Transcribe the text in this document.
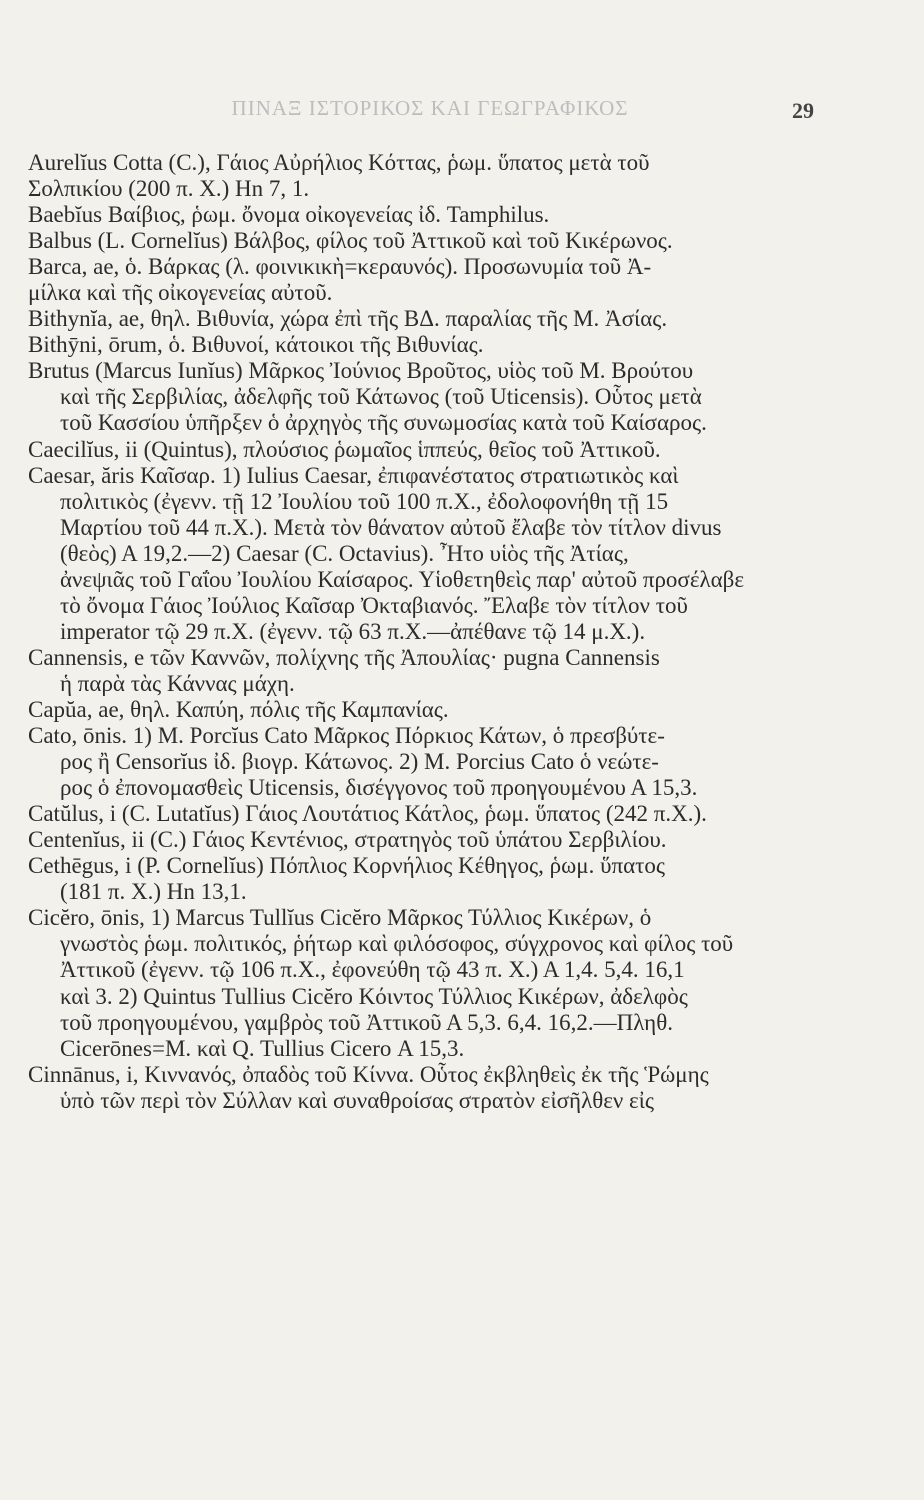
ΠΙΝΑΞ ΙΣΤΟΡΙΚΟΣ ΚΑΙ ΓΕΩΓΡΑΦΙΚΟΣ	29
Aurelĭus Cotta (C.), Γάιος Αὐρήλιος Κόττας, ῥωμ. ὕπατος μετὰ τοῦ
Σολπικίου (200 π. Χ.) Hn 7, 1.
Baebĭus Βαίβιος, ῥωμ. ὄνομα οἰκογενείας ἰδ. Tamphilus.
Balbus (L. Cornelĭus) Βάλβος, φίλος τοῦ Ἀττικοῦ καὶ τοῦ Κικέρωνος.
Barca, ae, ὁ. Βάρκας (λ. φοινικικὴ=κεραυνός). Προσωνυμία τοῦ Ἀ-
μίλκα καὶ τῆς οἰκογενείας αὐτοῦ.
Bithynĭa, ae, θηλ. Βιθυνία, χώρα ἐπὶ τῆς ΒΔ. παραλίας τῆς Μ. Ἀσίας.
Bithȳni, ōrum, ὁ. Βιθυνοί, κάτοικοι τῆς Βιθυνίας.
Brutus (Marcus Iunĭus) Μᾶρκος Ἰούνιος Βροῦτος, υἱὸς τοῦ Μ. Βρούτου
καὶ τῆς Σερβιλίας, ἀδελφῆς τοῦ Κάτωνος (τοῦ Uticensis). Οὗτος μετὰ
τοῦ Κασσίου ὑπῆρξεν ὁ ἀρχηγὸς τῆς συνωμοσίας κατὰ τοῦ Καίσαρος.
Caecilĭus, ii (Quintus), πλούσιος ῥωμαῖος ἱππεύς, θεῖος τοῦ Ἀττικοῦ.
Caesar, ăris Καῖσαρ. 1) Iulius Caesar, ἐπιφανέστατος στρατιωτικὸς καὶ
πολιτικὸς (ἐγενν. τῇ 12 Ἰουλίου τοῦ 100 π.Χ., ἐδολοφονήθη τῇ 15
Μαρτίου τοῦ 44 π.Χ.). Μετὰ τὸν θάνατον αὐτοῦ ἔλαβε τὸν τίτλον divus
(θεὸς) Α 19,2.—2) Caesar (C. Octavius). Ἦτο υἱὸς τῆς Ἀτίας,
ἀνεψιᾶς τοῦ Γαΐου Ἰουλίου Καίσαρος. Υἱοθετηθεὶς παρ' αὐτοῦ προσέλαβε
τὸ ὄνομα Γάιος Ἰούλιος Καῖσαρ Ὀκταβιανός. Ἔλαβε τὸν τίτλον τοῦ
imperator τῷ 29 π.Χ. (ἐγενν. τῷ 63 π.Χ.—ἀπέθανε τῷ 14 μ.Χ.).
Cannensis, e τῶν Καννῶν, πολίχνης τῆς Ἀπουλίας· pugna Cannensis
ἡ παρὰ τὰς Κάννας μάχη.
Capŭa, ae, θηλ. Καπύη, πόλις τῆς Καμπανίας.
Cato, ōnis. 1) M. Porcĭus Cato Μᾶρκος Πόρκιος Κάτων, ὁ πρεσβύτε-
ρος ἢ Censorĭus ἰδ. βιογρ. Κάτωνος. 2) M. Porcius Cato ὁ νεώτε-
ρος ὁ ἐπονομασθεὶς Uticensis, δισέγγονος τοῦ προηγουμένου Α 15,3.
Catŭlus, i (C. Lutatĭus) Γάιος Λουτάτιος Κάτλος, ῥωμ. ὕπατος (242 π.Χ.).
Centenĭus, ii (C.) Γάιος Κεντένιος, στρατηγὸς τοῦ ὑπάτου Σερβιλίου.
Cethēgus, i (P. Cornelĭus) Πόπλιος Κορνήλιος Κέθηγος, ῥωμ. ὕπατος
(181 π. Χ.) Hn 13,1.
Cicĕro, ōnis, 1) Marcus Tullĭus Cicĕro Μᾶρκος Τύλλιος Κικέρων, ὁ
γνωστὸς ῥωμ. πολιτικός, ῥήτωρ καὶ φιλόσοφος, σύγχρονος καὶ φίλος τοῦ
Ἀττικοῦ (ἐγενν. τῷ 106 π.Χ., ἐφονεύθη τῷ 43 π. Χ.) Α 1,4. 5,4. 16,1
καὶ 3. 2) Quintus Tullius Cicĕro Κόιντος Τύλλιος Κικέρων, ἀδελφὸς
τοῦ προηγουμένου, γαμβρὸς τοῦ Ἀττικοῦ Α 5,3. 6,4. 16,2.—Πληθ.
Cicerōnes=M. καὶ Q. Tullius Cicero Α 15,3.
Cinnānus, i, Κιννανός, ὀπαδὸς τοῦ Κίννα. Οὗτος ἐκβληθεὶς ἐκ τῆς Ῥώμης
ὑπὸ τῶν περὶ τὸν Σύλλαν καὶ συναθροίσας στρατὸν εἰσῆλθεν εἰς
